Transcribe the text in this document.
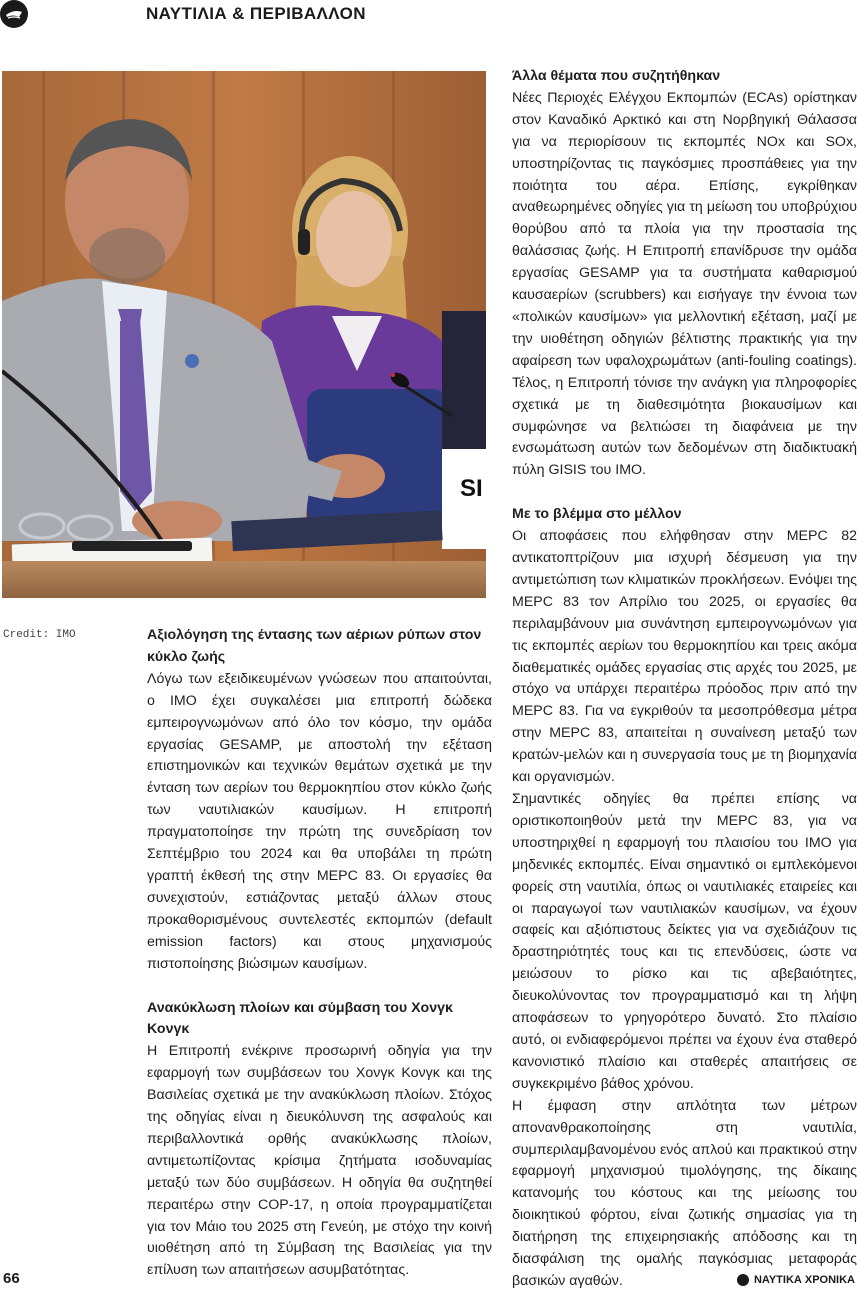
ΝΑΥΤΙΛΙΑ & ΠΕΡΙΒΑΛΛΟΝ
SI
Credit: IMO	Αξιολόγηση της έντασης των αέριων ρύπων στον κύκλο ζωής

Λόγω των εξειδικευμένων γνώσεων που απαιτούνται, ο IMO έχει συγκαλέσει μια επιτροπή δώδεκα εμπειρογνωμόνων από όλο τον κόσμο, την ομάδα εργασίας GESAMP, με αποστολή την εξέταση επιστημονικών και τεχνικών θεμάτων σχετικά με την ένταση των αερίων του θερμοκηπίου στον κύκλο ζωής των ναυτιλιακών καυσίμων. Η επιτροπή πραγματοποίησε την πρώτη της συνεδρίαση τον Σεπτέμβριο του 2024 και θα υποβάλει τη πρώτη γραπτή έκθεσή της στην MEPC 83. Οι εργασίες θα συνεχιστούν, εστιάζοντας μεταξύ άλλων στους προκαθορισμένους συντελεστές εκπομπών (default emission factors) και στους μηχανισμούς πιστοποίησης βιώσιμων καυσίμων.

Ανακύκλωση πλοίων και σύμβαση του Χονγκ Κονγκ

Η Επιτροπή ενέκρινε προσωρινή οδηγία για την εφαρμογή των συμβάσεων του Χονγκ Κονγκ και της Βασιλείας σχετικά με την ανακύκλωση πλοίων. Στόχος της οδηγίας είναι η διευκόλυνση της ασφαλούς και περιβαλλοντικά ορθής ανακύκλωσης πλοίων, αντιμετωπίζοντας κρίσιμα ζητήματα ισοδυναμίας μεταξύ των δύο συμβάσεων. Η οδηγία θα συζητηθεί περαιτέρω στην COP-17, η οποία προγραμματίζεται για τον Μάιο του 2025 στη Γενεύη, με στόχο την κοινή υιοθέτηση από τη Σύμβαση της Βασιλείας για την επίλυση των απαιτήσεων ασυμβατότητας.

Άλλα θέματα που συζητήθηκαν

Νέες Περιοχές Ελέγχου Εκπομπών (ECAs) ορίστηκαν στον Καναδικό Αρκτικό και στη Νορβηγική Θάλασσα για να περιορίσουν τις εκπομπές NOx και SOx, υποστηρίζοντας τις παγκόσμιες προσπάθειες για την ποιότητα του αέρα. Επίσης, εγκρίθηκαν αναθεωρημένες οδηγίες για τη μείωση του υποβρύχιου θορύβου από τα πλοία για την προστασία της θαλάσσιας ζωής. Η Επιτροπή επανίδρυσε την ομάδα εργασίας GESAMP για τα συστήματα καθαρισμού καυσαερίων (scrubbers) και εισήγαγε την έννοια των «πολικών καυσίμων» για μελλοντική εξέταση, μαζί με την υιοθέτηση οδηγιών βέλτιστης πρακτικής για την αφαίρεση των υφαλοχρωμάτων (anti-fouling coatings). Τέλος, η Επιτροπή τόνισε την ανάγκη για πληροφορίες σχετικά με τη διαθεσιμότητα βιοκαυσίμων και συμφώνησε να βελτιώσει τη διαφάνεια με την ενσωμάτωση αυτών των δεδομένων στη διαδικτυακή πύλη GISIS του IMO.

Με το βλέμμα στο μέλλον

Οι αποφάσεις που ελήφθησαν στην MEPC 82 αντικατοπτρίζουν μια ισχυρή δέσμευση για την αντιμετώπιση των κλιματικών προκλήσεων. Ενόψει της MEPC 83 τον Απρίλιο του 2025, οι εργασίες θα περιλαμβάνουν μια συνάντηση εμπειρογνωμόνων για τις εκπομπές αερίων του θερμοκηπίου και τρεις ακόμα διαθεματικές ομάδες εργασίας στις αρχές του 2025, με στόχο να υπάρχει περαιτέρω πρόοδος πριν από την MEPC 83. Για να εγκριθούν τα μεσοπρόθεσμα μέτρα στην MEPC 83, απαιτείται η συναίνεση μεταξύ των κρατών-μελών και η συνεργασία τους με τη βιομηχανία και οργανισμών.

Σημαντικές οδηγίες θα πρέπει επίσης να οριστικοποιηθούν μετά την MEPC 83, για να υποστηριχθεί η εφαρμογή του πλαισίου του IMO για μηδενικές εκπομπές. Είναι σημαντικό οι εμπλεκόμενοι φορείς στη ναυτιλία, όπως οι ναυτιλιακές εταιρείες και οι παραγωγοί των ναυτιλιακών καυσίμων, να έχουν σαφείς και αξιόπιστους δείκτες για να σχεδιάζουν τις δραστηριότητές τους και τις επενδύσεις, ώστε να μειώσουν το ρίσκο και τις αβεβαιότητες, διευκολύνοντας τον προγραμματισμό και τη λήψη αποφάσεων το γρηγορότερο δυνατό. Στο πλαίσιο αυτό, οι ενδιαφερόμενοι πρέπει να έχουν ένα σταθερό κανονιστικό πλαίσιο και σταθερές απαιτήσεις σε συγκεκριμένο βάθος χρόνου.

Η έμφαση στην απλότητα των μέτρων απονανθρακοποίησης στη ναυτιλία, συμπεριλαμβανομένου ενός απλού και πρακτικού στην εφαρμογή μηχανισμού τιμολόγησης, της δίκαιης κατανομής του κόστους και της μείωσης του διοικητικού φόρτου, είναι ζωτικής σημασίας για τη διατήρηση της επιχειρησιακής απόδοσης και τη διασφάλιση της ομαλής παγκόσμιας μεταφοράς βασικών αγαθών.

66	ΝΑΥΤΙΚΑ ΧΡΟΝΙΚΑ
